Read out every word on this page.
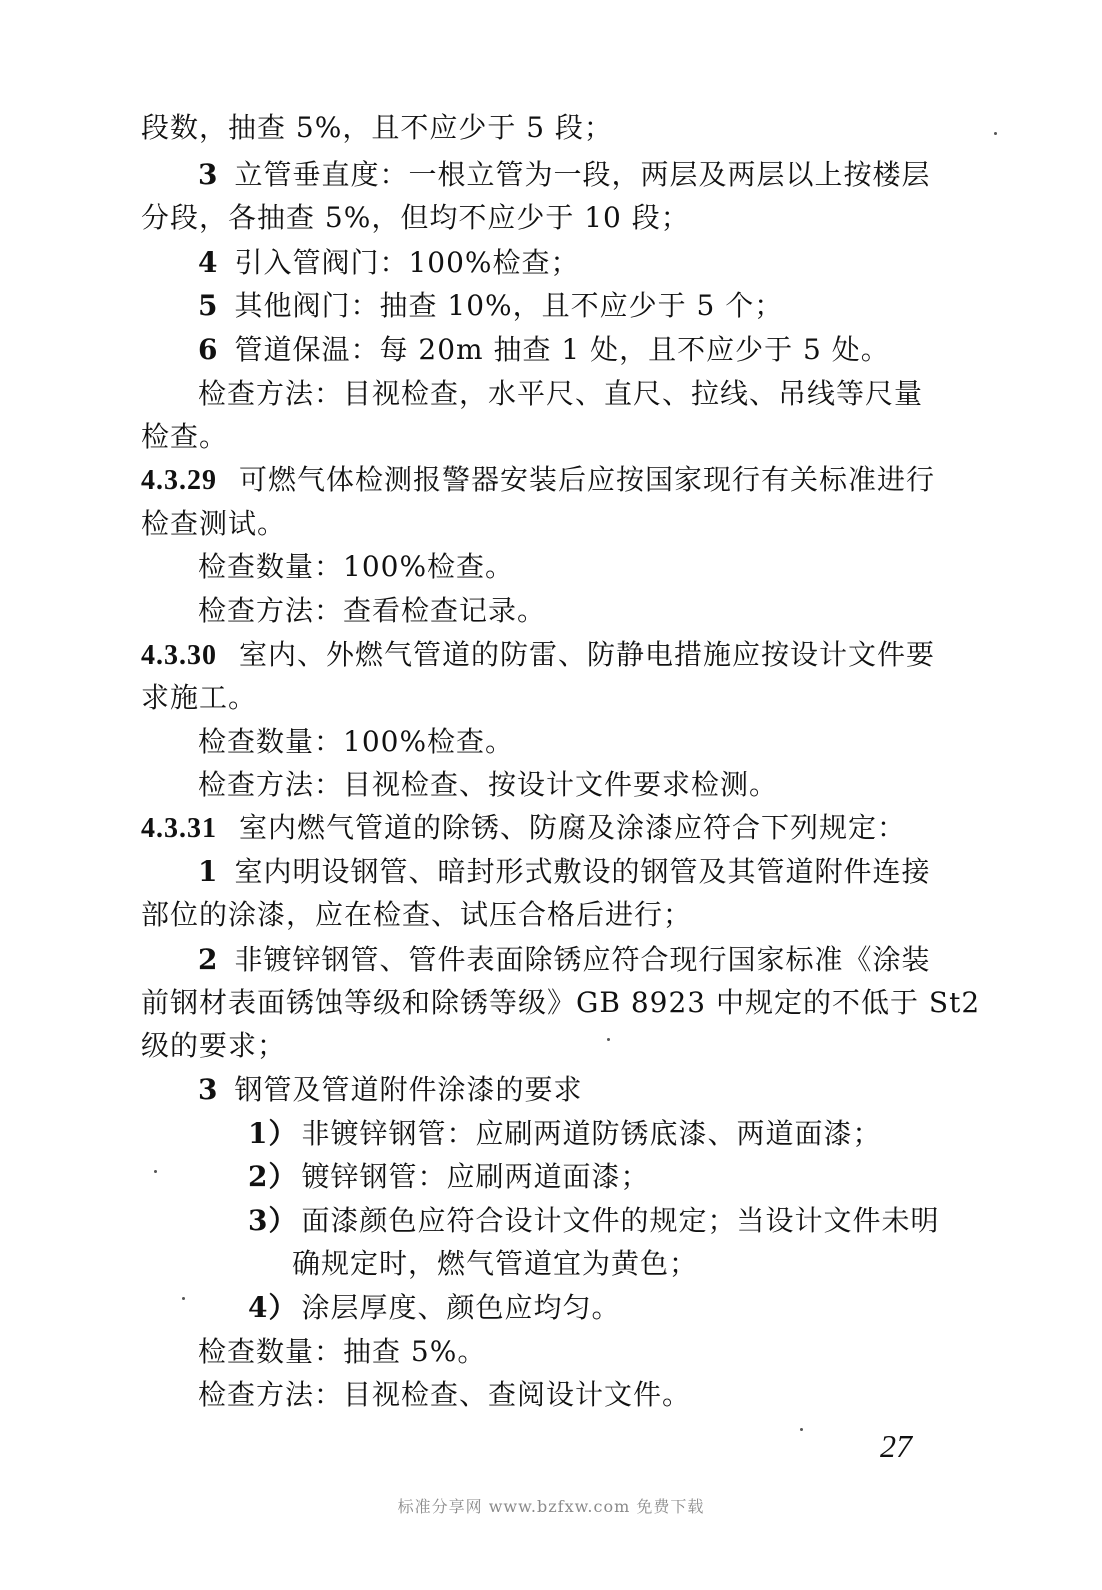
段数，抽查 5%，且不应少于 5 段；
3 立管垂直度：一根立管为一段，两层及两层以上按楼层
分段，各抽查 5%，但均不应少于 10 段；
4 引入管阀门：100%检查；
5 其他阀门：抽查 10%，且不应少于 5 个；
6 管道保温：每 20m 抽查 1 处，且不应少于 5 处。
检查方法：目视检查，水平尺、直尺、拉线、吊线等尺量
检查。
4.3.29 可燃气体检测报警器安装后应按国家现行有关标准进行
检查测试。
检查数量：100%检查。
检查方法：查看检查记录。
4.3.30 室内、外燃气管道的防雷、防静电措施应按设计文件要
求施工。
检查数量：100%检查。
检查方法：目视检查、按设计文件要求检测。
4.3.31 室内燃气管道的除锈、防腐及涂漆应符合下列规定：
1 室内明设钢管、暗封形式敷设的钢管及其管道附件连接
部位的涂漆，应在检查、试压合格后进行；
2 非镀锌钢管、管件表面除锈应符合现行国家标准《涂装
前钢材表面锈蚀等级和除锈等级》GB 8923 中规定的不低于 St2
级的要求；
3 钢管及管道附件涂漆的要求
1） 非镀锌钢管：应刷两道防锈底漆、两道面漆；
2） 镀锌钢管：应刷两道面漆；
3） 面漆颜色应符合设计文件的规定；当设计文件未明
确规定时，燃气管道宜为黄色；
4） 涂层厚度、颜色应均匀。
检查数量：抽查 5%。
检查方法：目视检查、查阅设计文件。
27
标准分享网 www.bzfxw.com 免费下载
